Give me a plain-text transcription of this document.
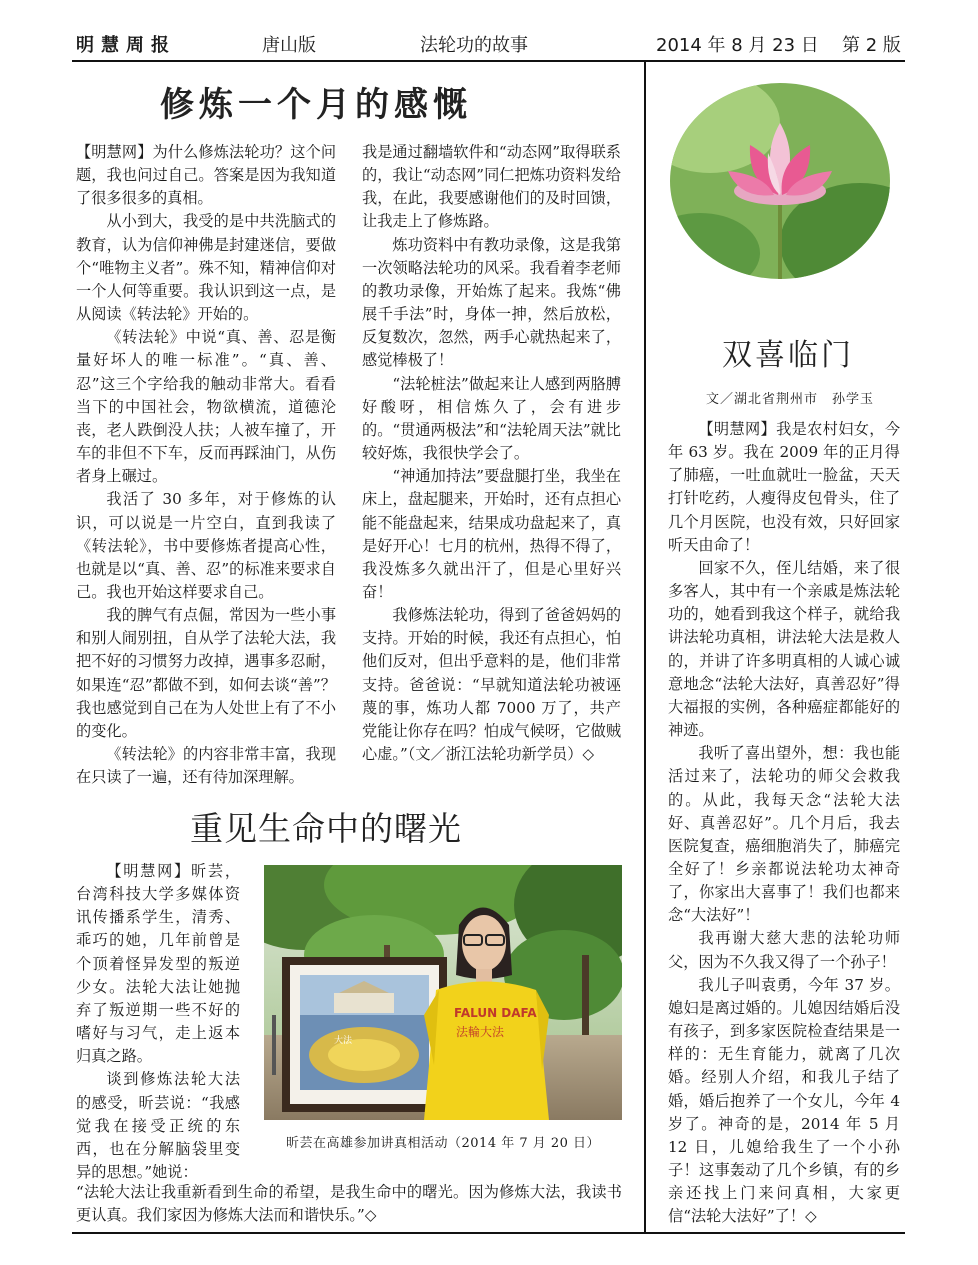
明慧周报	唐山版	法轮功的故事	2014 年 8 月 23 日 第 2 版
修炼一个月的感慨

【明慧网】为什么修炼法轮功？这个问题，我也问过自己。答案是因为我知道了很多很多的真相。

从小到大，我受的是中共洗脑式的教育，认为信仰神佛是封建迷信，要做个“唯物主义者”。殊不知，精神信仰对一个人何等重要。我认识到这一点，是从阅读《转法轮》开始的。

《转法轮》中说“真、善、忍是衡量好坏人的唯一标准”。“真、善、忍”这三个字给我的触动非常大。看看当下的中国社会，物欲横流，道德沦丧，老人跌倒没人扶；人被车撞了，开车的非但不下车，反而再踩油门，从伤者身上碾过。

我活了 30 多年，对于修炼的认识，可以说是一片空白，直到我读了《转法轮》，书中要修炼者提高心性，也就是以“真、善、忍”的标准来要求自己。我也开始这样要求自己。

我的脾气有点倔，常因为一些小事和别人闹别扭，自从学了法轮大法，我把不好的习惯努力改掉，遇事多忍耐，如果连“忍”都做不到，如何去谈“善”？我也感觉到自己在为人处世上有了不小的变化。

《转法轮》的内容非常丰富，我现在只读了一遍，还有待加深理解。

我是通过翻墙软件和“动态网”取得联系的，我让“动态网”同仁把炼功资料发给我，在此，我要感谢他们的及时回馈，让我走上了修炼路。

炼功资料中有教功录像，这是我第一次领略法轮功的风采。我看着李老师的教功录像，开始炼了起来。我炼“佛展千手法”时，身体一抻，然后放松，反复数次，忽然，两手心就热起来了，感觉棒极了！

“法轮桩法”做起来让人感到两胳膊好酸呀，相信炼久了，会有进步的。“贯通两极法”和“法轮周天法”就比较好炼，我很快学会了。

“神通加持法”要盘腿打坐，我坐在床上，盘起腿来，开始时，还有点担心能不能盘起来，结果成功盘起来了，真是好开心！七月的杭州，热得不得了，我没炼多久就出汗了，但是心里好兴奋！

我修炼法轮功，得到了爸爸妈妈的支持。开始的时候，我还有点担心，怕他们反对，但出乎意料的是，他们非常支持。爸爸说：“早就知道法轮功被诬蔑的事，炼功人都 7000 万了，共产党能让你存在吗？怕成气候呀，它做贼心虚。”（文／浙江法轮功新学员）◇

重见生命中的曙光

【明慧网】昕芸，台湾科技大学多媒体资讯传播系学生，清秀、乖巧的她，几年前曾是个顶着怪异发型的叛逆少女。法轮大法让她抛弃了叛逆期一些不好的嗜好与习气，走上返本归真之路。

谈到修炼法轮大法的感受，昕芸说：“我感觉我在接受正统的东西，也在分解脑袋里变异的思想。”她说：

大法
FALUN DAFA
法輪大法
昕芸在高雄参加讲真相活动（2014 年 7 月 20 日）

“法轮大法让我重新看到生命的希望，是我生命中的曙光。因为修炼大法，我读书更认真。我们家因为修炼大法而和谐快乐。”◇

双喜临门
文／湖北省荆州市　孙学玉

【明慧网】我是农村妇女，今年 63 岁。我在 2009 年的正月得了肺癌，一吐血就吐一脸盆，天天打针吃药，人瘦得皮包骨头，住了几个月医院，也没有效，只好回家听天由命了！

回家不久，侄儿结婚，来了很多客人，其中有一个亲戚是炼法轮功的，她看到我这个样子，就给我讲法轮功真相，讲法轮大法是救人的，并讲了许多明真相的人诚心诚意地念“法轮大法好，真善忍好”得大福报的实例，各种癌症都能好的神迹。

我听了喜出望外，想：我也能活过来了，法轮功的师父会救我的。从此，我每天念“法轮大法好、真善忍好”。几个月后，我去医院复查，癌细胞消失了，肺癌完全好了！乡亲都说法轮功太神奇了，你家出大喜事了！我们也都来念“大法好”！

我再谢大慈大悲的法轮功师父，因为不久我又得了一个孙子！

我儿子叫袁勇，今年 37 岁。媳妇是离过婚的。儿媳因结婚后没有孩子，到多家医院检查结果是一样的：无生育能力，就离了几次婚。经别人介绍，和我儿子结了婚，婚后抱养了一个女儿，今年 4 岁了。神奇的是，2014 年 5 月 12 日，儿媳给我生了一个小孙子！这事轰动了几个乡镇，有的乡亲还找上门来问真相，大家更信“法轮大法好”了！◇
